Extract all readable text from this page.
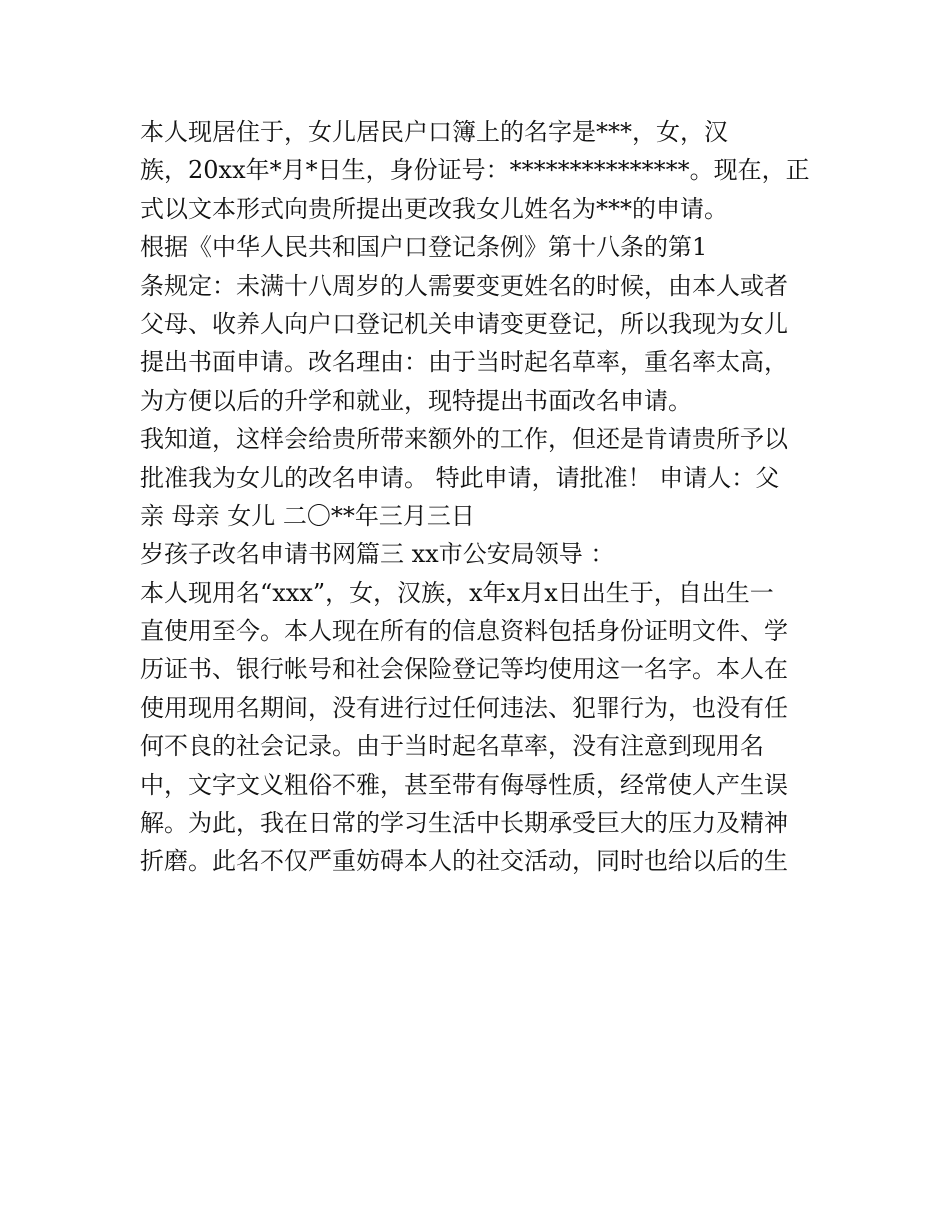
本人现居住于，女儿居民户口簿上的名字是***，女，汉

族，20xx年*月*日生，身份证号：***************。现在，正

式以文本形式向贵所提出更改我女儿姓名为***的申请。

根据《中华人民共和国户口登记条例》第十八条的第1

条规定：未满十八周岁的人需要变更姓名的时候，由本人或者

父母、收养人向户口登记机关申请变更登记，所以我现为女儿

提出书面申请。改名理由：由于当时起名草率，重名率太高，

为方便以后的升学和就业，现特提出书面改名申请。

我知道，这样会给贵所带来额外的工作，但还是肯请贵所予以

批准我为女儿的改名申请。 特此申请，请批准！ 申请人：父

亲 母亲 女儿 二〇**年三月三日

岁孩子改名申请书网篇三 xx市公安局领导 ：

本人现用名“xxx”，女，汉族，x年x月x日出生于，自出生一

直使用至今。本人现在所有的信息资料包括身份证明文件、学

历证书、银行帐号和社会保险登记等均使用这一名字。本人在

使用现用名期间，没有进行过任何违法、犯罪行为，也没有任

何不良的社会记录。由于当时起名草率，没有注意到现用名

中，文字文义粗俗不雅，甚至带有侮辱性质，经常使人产生误

解。为此，我在日常的学习生活中长期承受巨大的压力及精神

折磨。此名不仅严重妨碍本人的社交活动，同时也给以后的生
